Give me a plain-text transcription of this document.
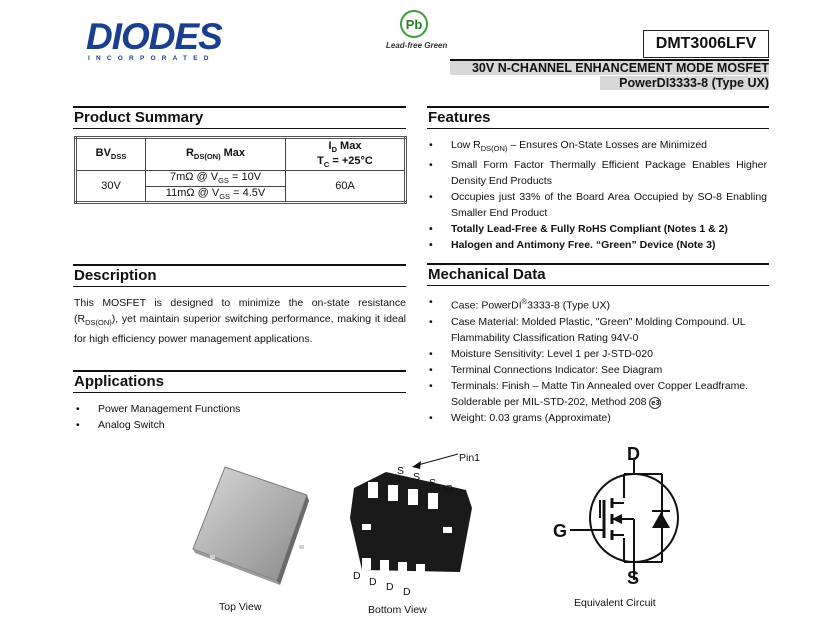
DIODES
INCORPORATED
Pb
Lead-free Green	DMT3006LFV
30V N-CHANNEL ENHANCEMENT MODE MOSFET
PowerDI3333-8 (Type UX)
Product Summary
$BV_{DSS}$	$R_{DS(ON)}$ Max	$I_D$ Max
$T_C = +25^\circ C$
30V	7mΩ @ $V_{GS} = 10V$	60A
	11mΩ @ $V_{GS} = 4.5V$	
Description
This MOSFET is designed to minimize the on-state resistance $(R_{DS(ON)})$, yet maintain superior switching performance, making it ideal for high efficiency power management applications.
Applications
• Power Management Functions
• Analog Switch
Features
• Low $R_{DS(ON)}$ – Ensures On-State Losses are Minimized
• Small Form Factor Thermally Efficient Package Enables Higher Density End Products
• Occupies just 33% of the Board Area Occupied by SO-8 Enabling Smaller End Product
• Totally Lead-Free & Fully RoHS Compliant (Notes 1 & 2)
• Halogen and Antimony Free. “Green” Device (Note 3)
Mechanical Data
• Case: PowerDI®3333-8 (Type UX)
• Case Material: Molded Plastic, "Green" Molding Compound. UL Flammability Classification Rating 94V-0
• Moisture Sensitivity: Level 1 per J-STD-020
• Terminal Connections Indicator: See Diagram
• Terminals: Finish – Matte Tin Annealed over Copper Leadframe. Solderable per MIL-STD-202, Method 208 e3
• Weight: 0.03 grams (Approximate)
Top View
Pin1
S S S G
D D D D
Bottom View
D
G
S
Equivalent Circuit
